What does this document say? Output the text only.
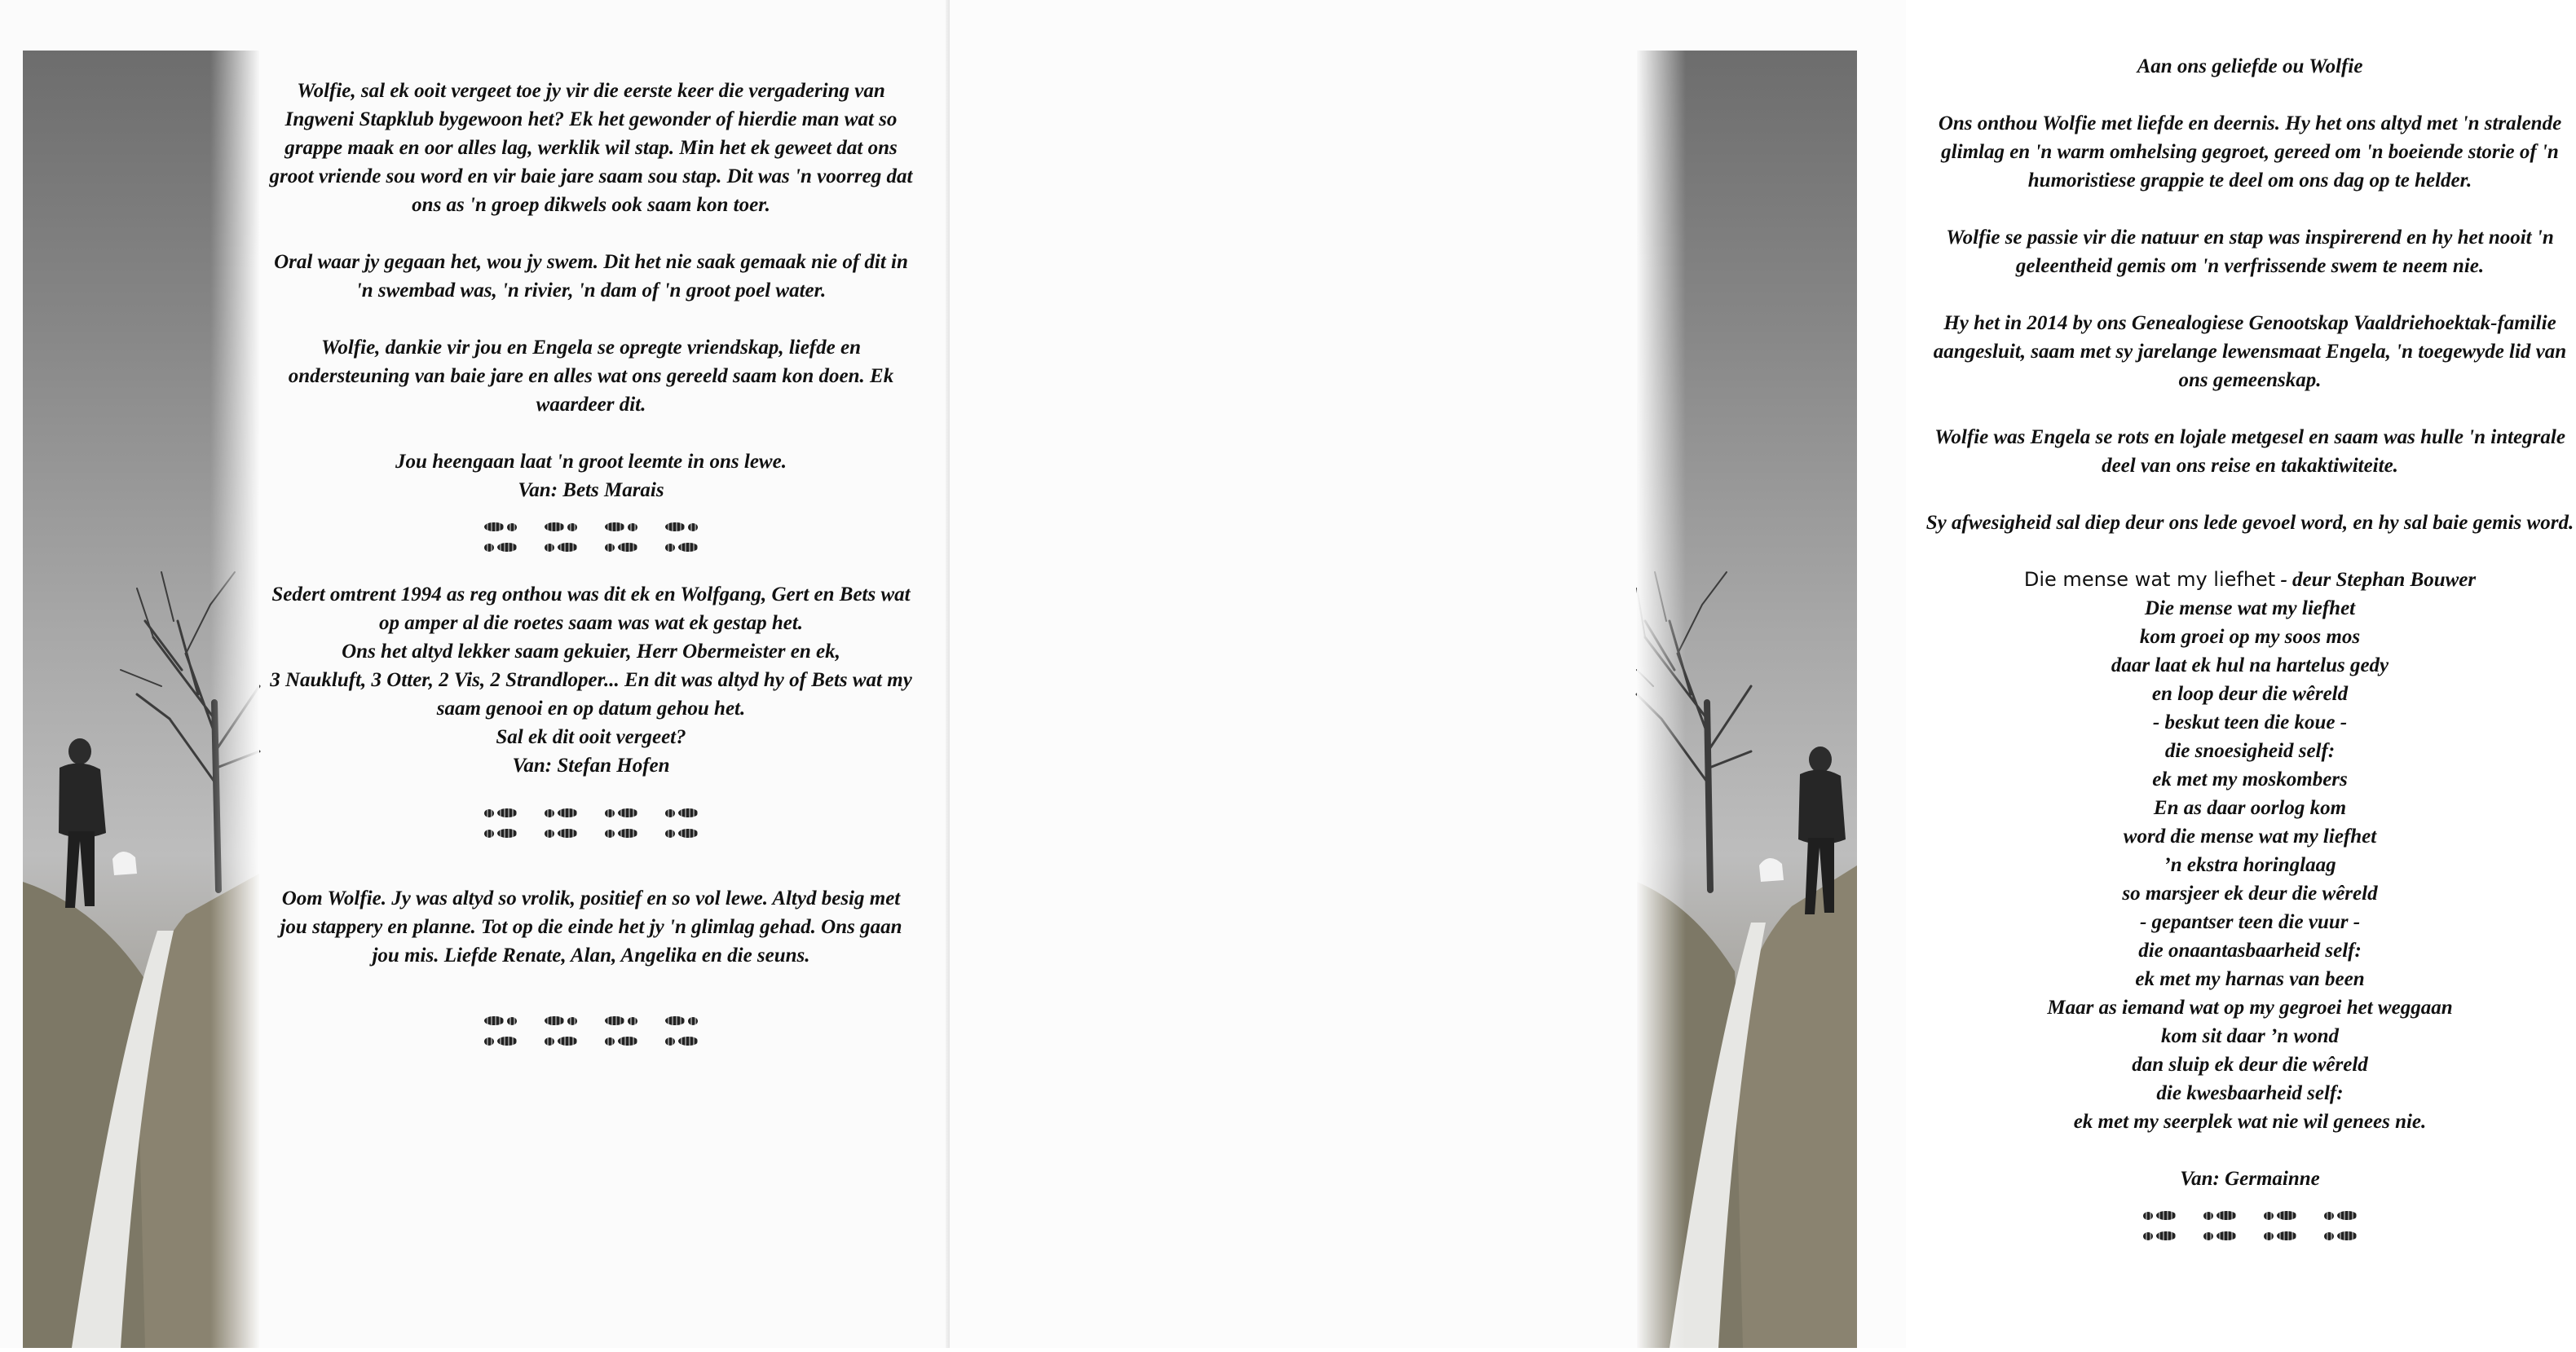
Wolfie, sal ek ooit vergeet toe jy vir die eerste keer die vergadering van Ingweni Stapklub bygewoon het? Ek het gewonder of hierdie man wat so grappe maak en oor alles lag, werklik wil stap. Min het ek geweet dat ons groot vriende sou word en vir baie jare saam sou stap. Dit was 'n voorreg dat ons as 'n groep dikwels ook saam kon toer.

Oral waar jy gegaan het, wou jy swem. Dit het nie saak gemaak nie of dit in 'n swembad was, 'n rivier, 'n dam of 'n groot poel water.

Wolfie, dankie vir jou en Engela se opregte vriendskap, liefde en ondersteuning van baie jare en alles wat ons gereeld saam kon doen. Ek waardeer dit.

Jou heengaan laat 'n groot leemte in ons lewe.

Van: Bets Marais

Sedert omtrent 1994 as reg onthou was dit ek en Wolfgang, Gert en Bets wat op amper al die roetes saam was wat ek gestap het.

Ons het altyd lekker saam gekuier, Herr Obermeister en ek,

3 Naukluft, 3 Otter, 2 Vis, 2 Strandloper... En dit was altyd hy of Bets wat my saam genooi en op datum gehou het.

Sal ek dit ooit vergeet?

Van: Stefan Hofen

Oom Wolfie. Jy was altyd so vrolik, positief en so vol lewe. Altyd besig met jou stappery en planne. Tot op die einde het jy 'n glimlag gehad. Ons gaan jou mis. Liefde Renate, Alan, Angelika en die seuns.

Aan ons geliefde ou Wolfie

Ons onthou Wolfie met liefde en deernis. Hy het ons altyd met 'n stralende glimlag en 'n warm omhelsing gegroet, gereed om 'n boeiende storie of 'n humoristiese grappie te deel om ons dag op te helder.

Wolfie se passie vir die natuur en stap was inspirerend en hy het nooit 'n geleentheid gemis om 'n verfrissende swem te neem nie.

Hy het in 2014 by ons Genealogiese Genootskap Vaaldriehoektak-familie aangesluit, saam met sy jarelange lewensmaat Engela, 'n toegewyde lid van ons gemeenskap.

Wolfie was Engela se rots en lojale metgesel en saam was hulle 'n integrale deel van ons reise en takaktiwiteite.

Sy afwesigheid sal diep deur ons lede gevoel word, en hy sal baie gemis word.

Die mense wat my liefhet - deur Stephan Bouwer

Die mense wat my liefhet

kom groei op my soos mos

daar laat ek hul na hartelus gedy

en loop deur die wêreld

- beskut teen die koue -

die snoesigheid self:

ek met my moskombers

En as daar oorlog kom

word die mense wat my liefhet

’n ekstra horinglaag

so marsjeer ek deur die wêreld

- gepantser teen die vuur -

die onaantasbaarheid self:

ek met my harnas van been

Maar as iemand wat op my gegroei het weggaan

kom sit daar ’n wond

dan sluip ek deur die wêreld

die kwesbaarheid self:

ek met my seerplek wat nie wil genees nie.

Van: Germainne
